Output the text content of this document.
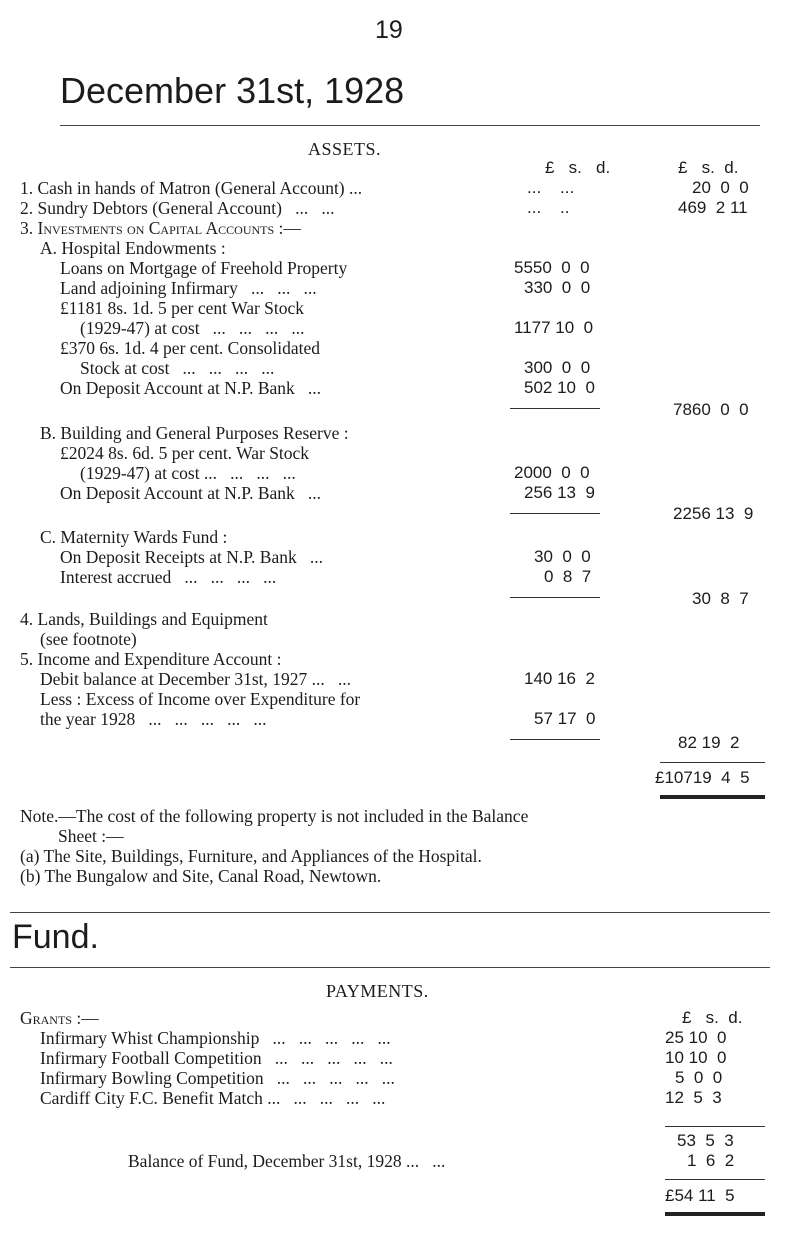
19
December 31st, 1928
ASSETS.
£   s.   d.	£   s.  d.
1. Cash in hands of Matron (General Account) ...	...    ...	20  0  0
2. Sundry Debtors (General Account)   ...   ...	...    ..	469  2 11
3. Investments on Capital Accounts :—
A. Hospital Endowments :
Loans on Mortgage of Freehold Property	5550  0  0
Land adjoining Infirmary   ...   ...   ...	330  0  0
£1181 8s. 1d. 5 per cent War Stock
(1929-47) at cost   ...   ...   ...   ...	1177 10  0
£370 6s. 1d. 4 per cent. Consolidated
Stock at cost   ...   ...   ...   ...	300  0  0
On Deposit Account at N.P. Bank   ...	502 10  0
7860  0  0
B. Building and General Purposes Reserve :
£2024 8s. 6d. 5 per cent. War Stock
(1929-47) at cost ...   ...   ...   ...	2000  0  0
On Deposit Account at N.P. Bank   ...	256 13  9
2256 13  9
C. Maternity Wards Fund :
On Deposit Receipts at N.P. Bank   ...	30  0  0
Interest accrued   ...   ...   ...   ...	0  8  7
30  8  7
4. Lands, Buildings and Equipment
(see footnote)
5. Income and Expenditure Account :
Debit balance at December 31st, 1927 ...   ...	140 16  2
Less : Excess of Income over Expenditure for
the year 1928   ...   ...   ...   ...   ...	57 17  0
82 19  2
£10719  4  5
Note.—The cost of the following property is not included in the Balance
Sheet :—
(a) The Site, Buildings, Furniture, and Appliances of the Hospital.
(b) The Bungalow and Site, Canal Road, Newtown.
Fund.
PAYMENTS.
Grants :—	£   s.  d.
Infirmary Whist Championship   ...   ...   ...   ...   ...	25 10  0
Infirmary Football Competition   ...   ...   ...   ...   ...	10 10  0
Infirmary Bowling Competition   ...   ...   ...   ...   ...	5  0  0
Cardiff City F.C. Benefit Match ...   ...   ...   ...   ...	12  5  3
53  5  3
Balance of Fund, December 31st, 1928 ...   ...	1  6  2
£54 11  5
